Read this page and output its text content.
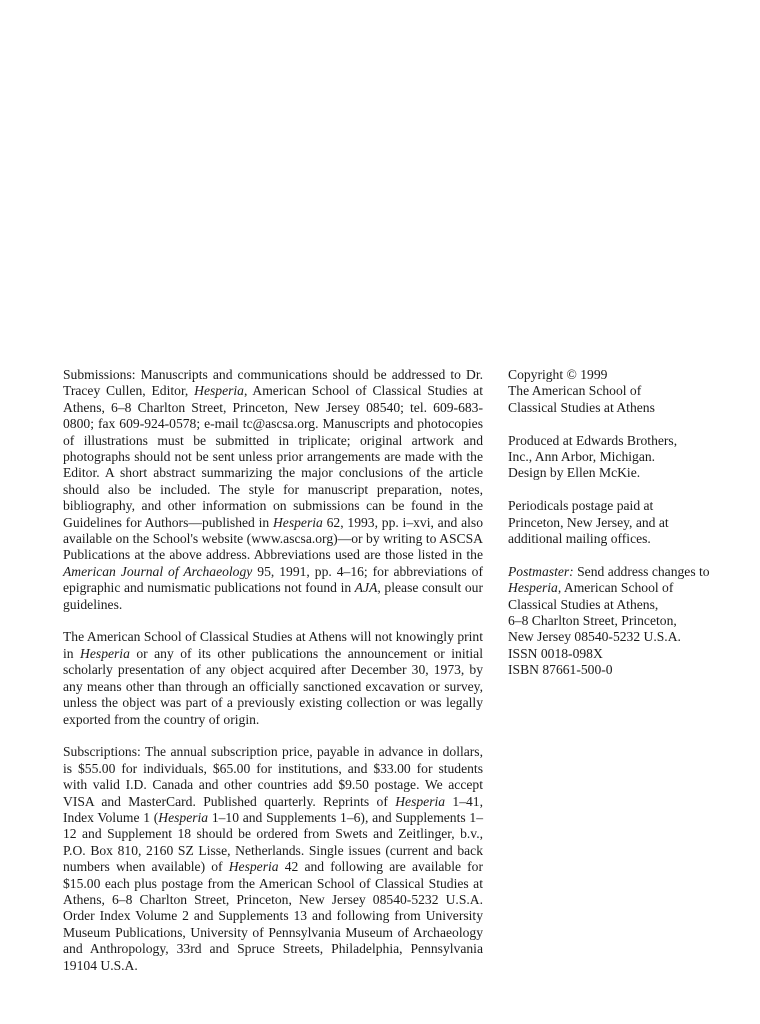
Submissions: Manuscripts and communications should be addressed to Dr. Tracey Cullen, Editor, Hesperia, American School of Classical Studies at Athens, 6–8 Charlton Street, Princeton, New Jersey 08540; tel. 609-683-0800; fax 609-924-0578; e-mail tc@ascsa.org. Manuscripts and photocopies of illustrations must be submitted in triplicate; original artwork and photographs should not be sent unless prior arrangements are made with the Editor. A short abstract summarizing the major conclusions of the article should also be included. The style for manuscript preparation, notes, bibliography, and other information on submissions can be found in the Guidelines for Authors—published in Hesperia 62, 1993, pp. i–xvi, and also available on the School's website (www.ascsa.org)—or by writing to ASCSA Publications at the above address. Abbreviations used are those listed in the American Journal of Archaeology 95, 1991, pp. 4–16; for abbreviations of epigraphic and numismatic publications not found in AJA, please consult our guidelines.

The American School of Classical Studies at Athens will not knowingly print in Hesperia or any of its other publications the announcement or initial scholarly presentation of any object acquired after December 30, 1973, by any means other than through an officially sanctioned excavation or survey, unless the object was part of a previously existing collection or was legally exported from the country of origin.

Subscriptions: The annual subscription price, payable in advance in dollars, is $55.00 for individuals, $65.00 for institutions, and $33.00 for students with valid I.D. Canada and other countries add $9.50 postage. We accept VISA and MasterCard. Published quarterly. Reprints of Hesperia 1–41, Index Volume 1 (Hesperia 1–10 and Supplements 1–6), and Supplements 1–12 and Supplement 18 should be ordered from Swets and Zeitlinger, b.v., P.O. Box 810, 2160 SZ Lisse, Netherlands. Single issues (current and back numbers when available) of Hesperia 42 and following are available for $15.00 each plus postage from the American School of Classical Studies at Athens, 6–8 Charlton Street, Princeton, New Jersey 08540-5232 U.S.A. Order Index Volume 2 and Supplements 13 and following from University Museum Publications, University of Pennsylvania Museum of Archaeology and Anthropology, 33rd and Spruce Streets, Philadelphia, Pennsylvania 19104 U.S.A.

Copyright © 1999
The American School of
Classical Studies at Athens

Produced at Edwards Brothers,
Inc., Ann Arbor, Michigan.
Design by Ellen McKie.

Periodicals postage paid at
Princeton, New Jersey, and at
additional mailing offices.

Postmaster: Send address changes to
Hesperia, American School of
Classical Studies at Athens,
6–8 Charlton Street, Princeton,
New Jersey 08540-5232 U.S.A.
ISSN 0018-098X
ISBN 87661-500-0
